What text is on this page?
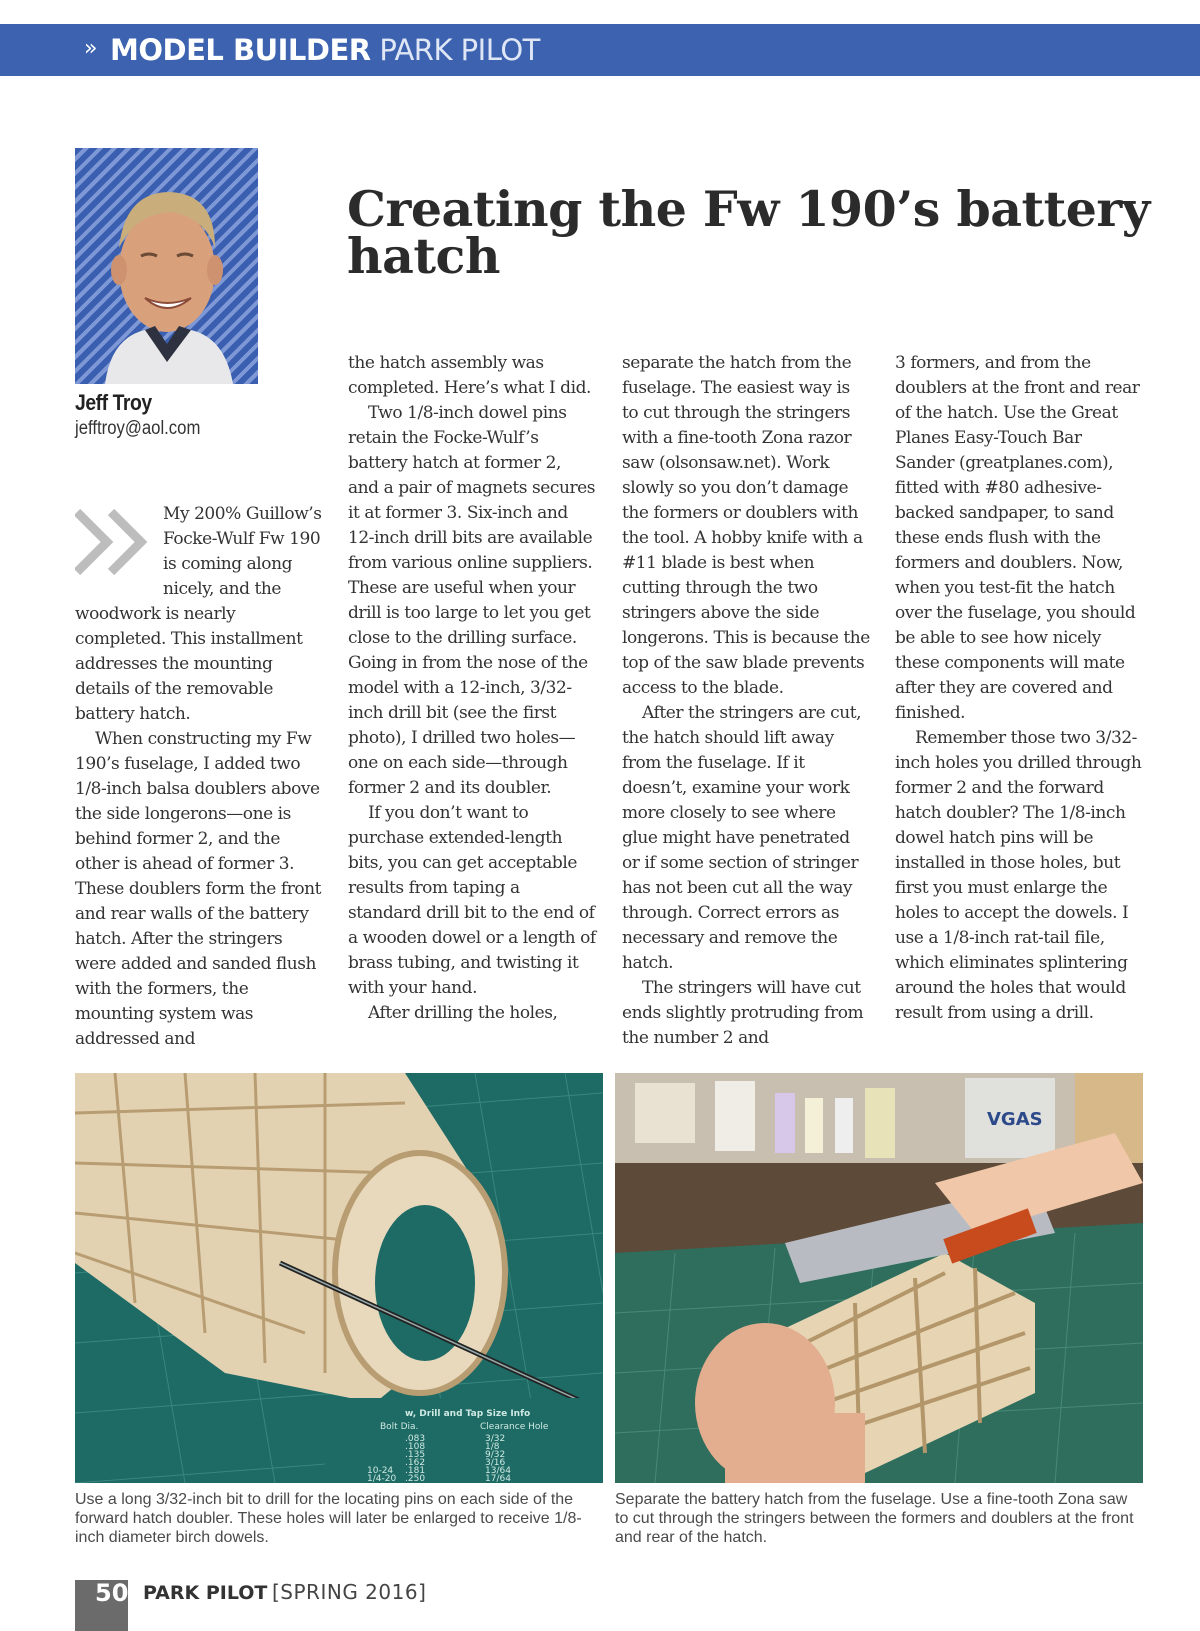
» MODEL BUILDER PARK PILOT
Jeff Troy
jefftroy@aol.com
Creating the Fw 190’s battery hatch

My 200% Guillow’s Focke-Wulf Fw 190 is coming along nicely, and the woodwork is nearly completed. This installment addresses the mounting details of the removable battery hatch.

When constructing my Fw 190’s fuselage, I added two 1/8-inch balsa doublers above the side longerons—one is behind former 2, and the other is ahead of former 3. These doublers form the front and rear walls of the battery hatch. After the stringers were added and sanded flush with the formers, the mounting system was addressed and

the hatch assembly was completed. Here’s what I did.

Two 1/8-inch dowel pins retain the Focke-Wulf’s battery hatch at former 2, and a pair of magnets secures it at former 3. Six-inch and 12-inch drill bits are available from various online suppliers. These are useful when your drill is too large to let you get close to the drilling surface. Going in from the nose of the model with a 12-inch, 3/32-inch drill bit (see the first photo), I drilled two holes—one on each side—through former 2 and its doubler.

If you don’t want to purchase extended-length bits, you can get acceptable results from taping a standard drill bit to the end of a wooden dowel or a length of brass tubing, and twisting it with your hand.

After drilling the holes,

separate the hatch from the fuselage. The easiest way is to cut through the stringers with a fine-tooth Zona razor saw (olsonsaw.net). Work slowly so you don’t damage the formers or doublers with the tool. A hobby knife with a #11 blade is best when cutting through the two stringers above the side longerons. This is because the top of the saw blade prevents access to the blade.

After the stringers are cut, the hatch should lift away from the fuselage. If it doesn’t, examine your work more closely to see where glue might have penetrated or if some section of stringer has not been cut all the way through. Correct errors as necessary and remove the hatch.

The stringers will have cut ends slightly protruding from the number 2 and

3 formers, and from the doublers at the front and rear of the hatch. Use the Great Planes Easy-Touch Bar Sander (greatplanes.com), fitted with #80 adhesive-backed sandpaper, to sand these ends flush with the formers and doublers. Now, when you test-fit the hatch over the fuselage, you should be able to see how nicely these components will mate after they are covered and finished.

Remember those two 3/32-inch holes you drilled through former 2 and the forward hatch doubler? The 1/8-inch dowel hatch pins will be installed in those holes, but first you must enlarge the holes to accept the dowels. I use a 1/8-inch rat-tail file, which eliminates splintering around the holes that would result from using a drill.

w, Drill and Tap Size Info
Bolt Dia.	Clearance Hole
.083
.108
.135
.162
.181
.250
3/32
1/8
9/32
3/16
13/64
17/64
10-24
1/4-20
VGAS
Use a long 3/32-inch bit to drill for the locating pins on each side of the forward hatch doubler. These holes will later be enlarged to receive 1/8-inch diameter birch dowels.
Separate the battery hatch from the fuselage. Use a fine-tooth Zona saw to cut through the stringers between the formers and doublers at the front and rear of the hatch.
50 PARK PILOT [SPRING 2016]
